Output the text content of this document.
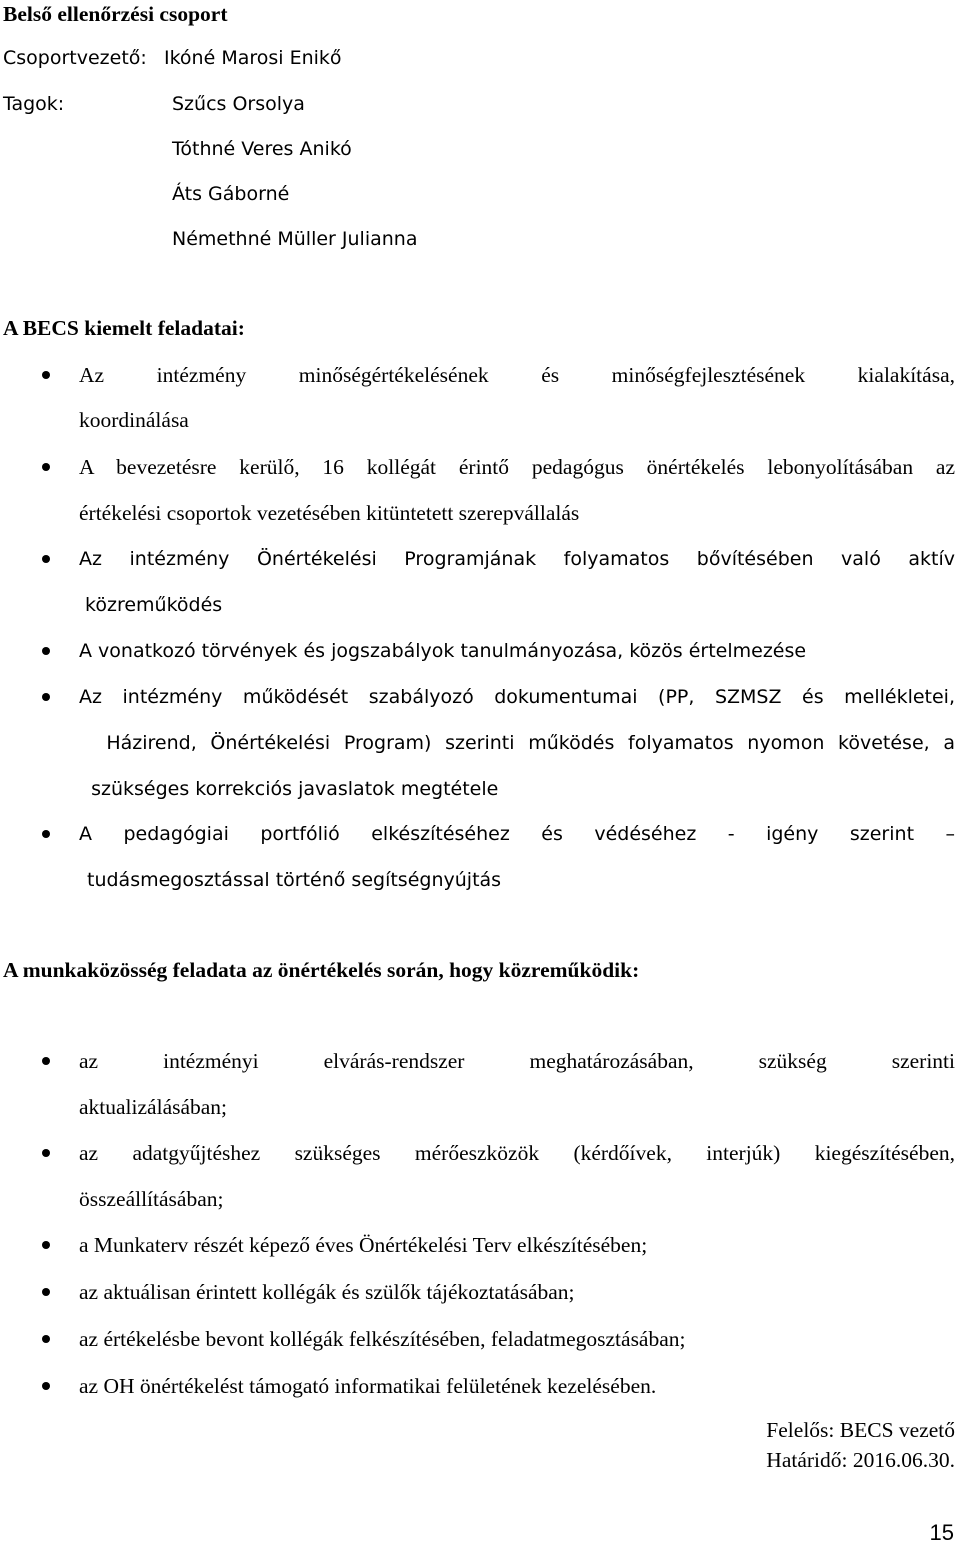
Belső ellenőrzési csoport
Csoportvezető: Ikóné Marosi Enikő
Tagok:	Szűcs Orsolya
Tóthné Veres Anikó
Áts Gáborné
Némethné Müller Julianna
A BECS kiemelt feladatai:
Az intézmény minőségértékelésének és minőségfejlesztésének kialakítása,
koordinálása
A bevezetésre kerülő, 16 kollégát érintő pedagógus önértékelés lebonyolításában az
értékelési csoportok vezetésében kitüntetett szerepvállalás
Az intézmény Önértékelési Programjának folyamatos bővítésében való aktív
közreműködés
A vonatkozó törvények és jogszabályok tanulmányozása, közös értelmezése
Az intézmény működését szabályozó dokumentumai (PP, SZMSZ és mellékletei,
Házirend, Önértékelési Program) szerinti működés folyamatos nyomon követése, a
szükséges korrekciós javaslatok megtétele
A pedagógiai portfólió elkészítéséhez és védéséhez - igény szerint –
tudásmegosztással történő segítségnyújtás
A munkaközösség feladata az önértékelés során, hogy közreműködik:
az intézményi elvárás-rendszer meghatározásában, szükség szerinti
aktualizálásában;
az adatgyűjtéshez szükséges mérőeszközök (kérdőívek, interjúk) kiegészítésében,
összeállításában;
a Munkaterv részét képező éves Önértékelési Terv elkészítésében;
az aktuálisan érintett kollégák és szülők tájékoztatásában;
az értékelésbe bevont kollégák felkészítésében, feladatmegosztásában;
az OH önértékelést támogató informatikai felületének kezelésében.
Felelős: BECS vezető
Határidő: 2016.06.30.
15
